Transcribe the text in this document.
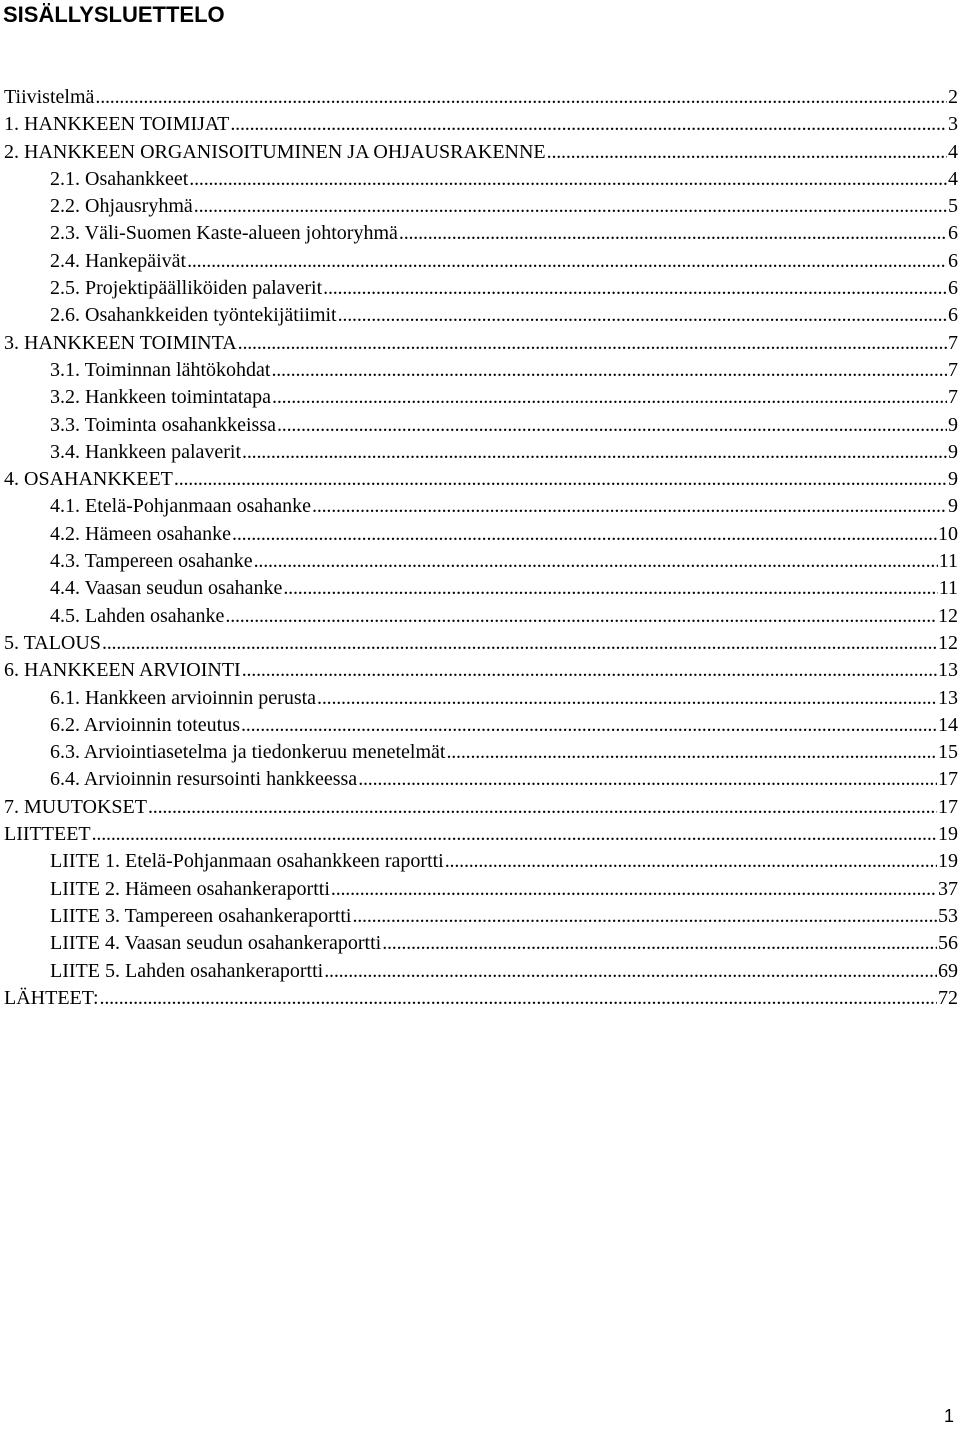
SISÄLLYSLUETTELO
Tiivistelmä . . .	2
1. HANKKEEN TOIMIJAT . . .	3
2. HANKKEEN ORGANISOITUMINEN JA OHJAUSRAKENNE . . .	4
2.1. Osahankkeet . . .	4
2.2. Ohjausryhmä . . .	5
2.3. Väli-Suomen Kaste-alueen johtoryhmä . . .	6
2.4. Hankepäivät . . .	6
2.5. Projektipäälliköiden palaverit . . .	6
2.6. Osahankkeiden työntekijätiimit . . .	6
3. HANKKEEN TOIMINTA . . .	7
3.1. Toiminnan lähtökohdat . . .	7
3.2. Hankkeen toimintatapa . . .	7
3.3. Toiminta osahankkeissa . . .	9
3.4. Hankkeen palaverit . . .	9
4. OSAHANKKEET . . .	9
4.1. Etelä-Pohjanmaan osahanke . . .	9
4.2. Hämeen osahanke . . .	10
4.3. Tampereen osahanke . . .	11
4.4. Vaasan seudun osahanke . . .	11
4.5. Lahden osahanke . . .	12
5. TALOUS . . .	12
6. HANKKEEN ARVIOINTI . . .	13
6.1. Hankkeen arvioinnin perusta . . .	13
6.2. Arvioinnin toteutus . . .	14
6.3. Arviointiasetelma ja tiedonkeruu menetelmät . . .	15
6.4. Arvioinnin resursointi hankkeessa . . .	17
7. MUUTOKSET . . .	17
LIITTEET . . .	19
LIITE 1. Etelä-Pohjanmaan osahankkeen raportti . . .	19
LIITE 2. Hämeen osahankeraportti . . .	37
LIITE 3. Tampereen osahankeraportti . . .	53
LIITE 4. Vaasan seudun osahankeraportti . . .	56
LIITE 5. Lahden osahankeraportti . . .	69
LÄHTEET: . . .	72
1
